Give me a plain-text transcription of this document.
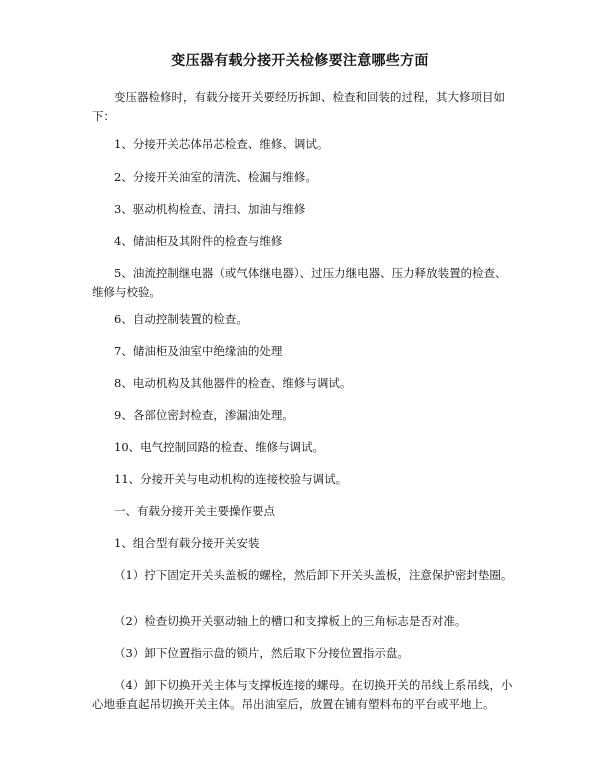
变压器有载分接开关检修要注意哪些方面

变压器检修时，有载分接开关要经历拆卸、检查和回装的过程，其大修项目如下：

1、分接开关芯体吊芯检查、维修、调试。

2、分接开关油室的清洗、检漏与维修。

3、驱动机构检查、清扫、加油与维修

4、储油柜及其附件的检查与维修

5、油流控制继电器（或气体继电器）、过压力继电器、压力释放装置的检查、维修与校验。

6、自动控制装置的检查。

7、储油柜及油室中绝缘油的处理

8、电动机构及其他器件的检查、维修与调试。

9、各部位密封检查，渗漏油处理。

10、电气控制回路的检查、维修与调试。

11、分接开关与电动机构的连接校验与调试。

一、有载分接开关主要操作要点

1、组合型有载分接开关安装

（1）拧下固定开关头盖板的螺栓，然后卸下开关头盖板，注意保护密封垫圈。

（2）检查切换开关驱动轴上的槽口和支撑板上的三角标志是否对准。

（3）卸下位置指示盘的锁片，然后取下分接位置指示盘。

（4）卸下切换开关主体与支撑板连接的螺母。在切换开关的吊线上系吊线，小心地垂直起吊切换开关主体。吊出油室后，放置在铺有塑料布的平台或平地上。
